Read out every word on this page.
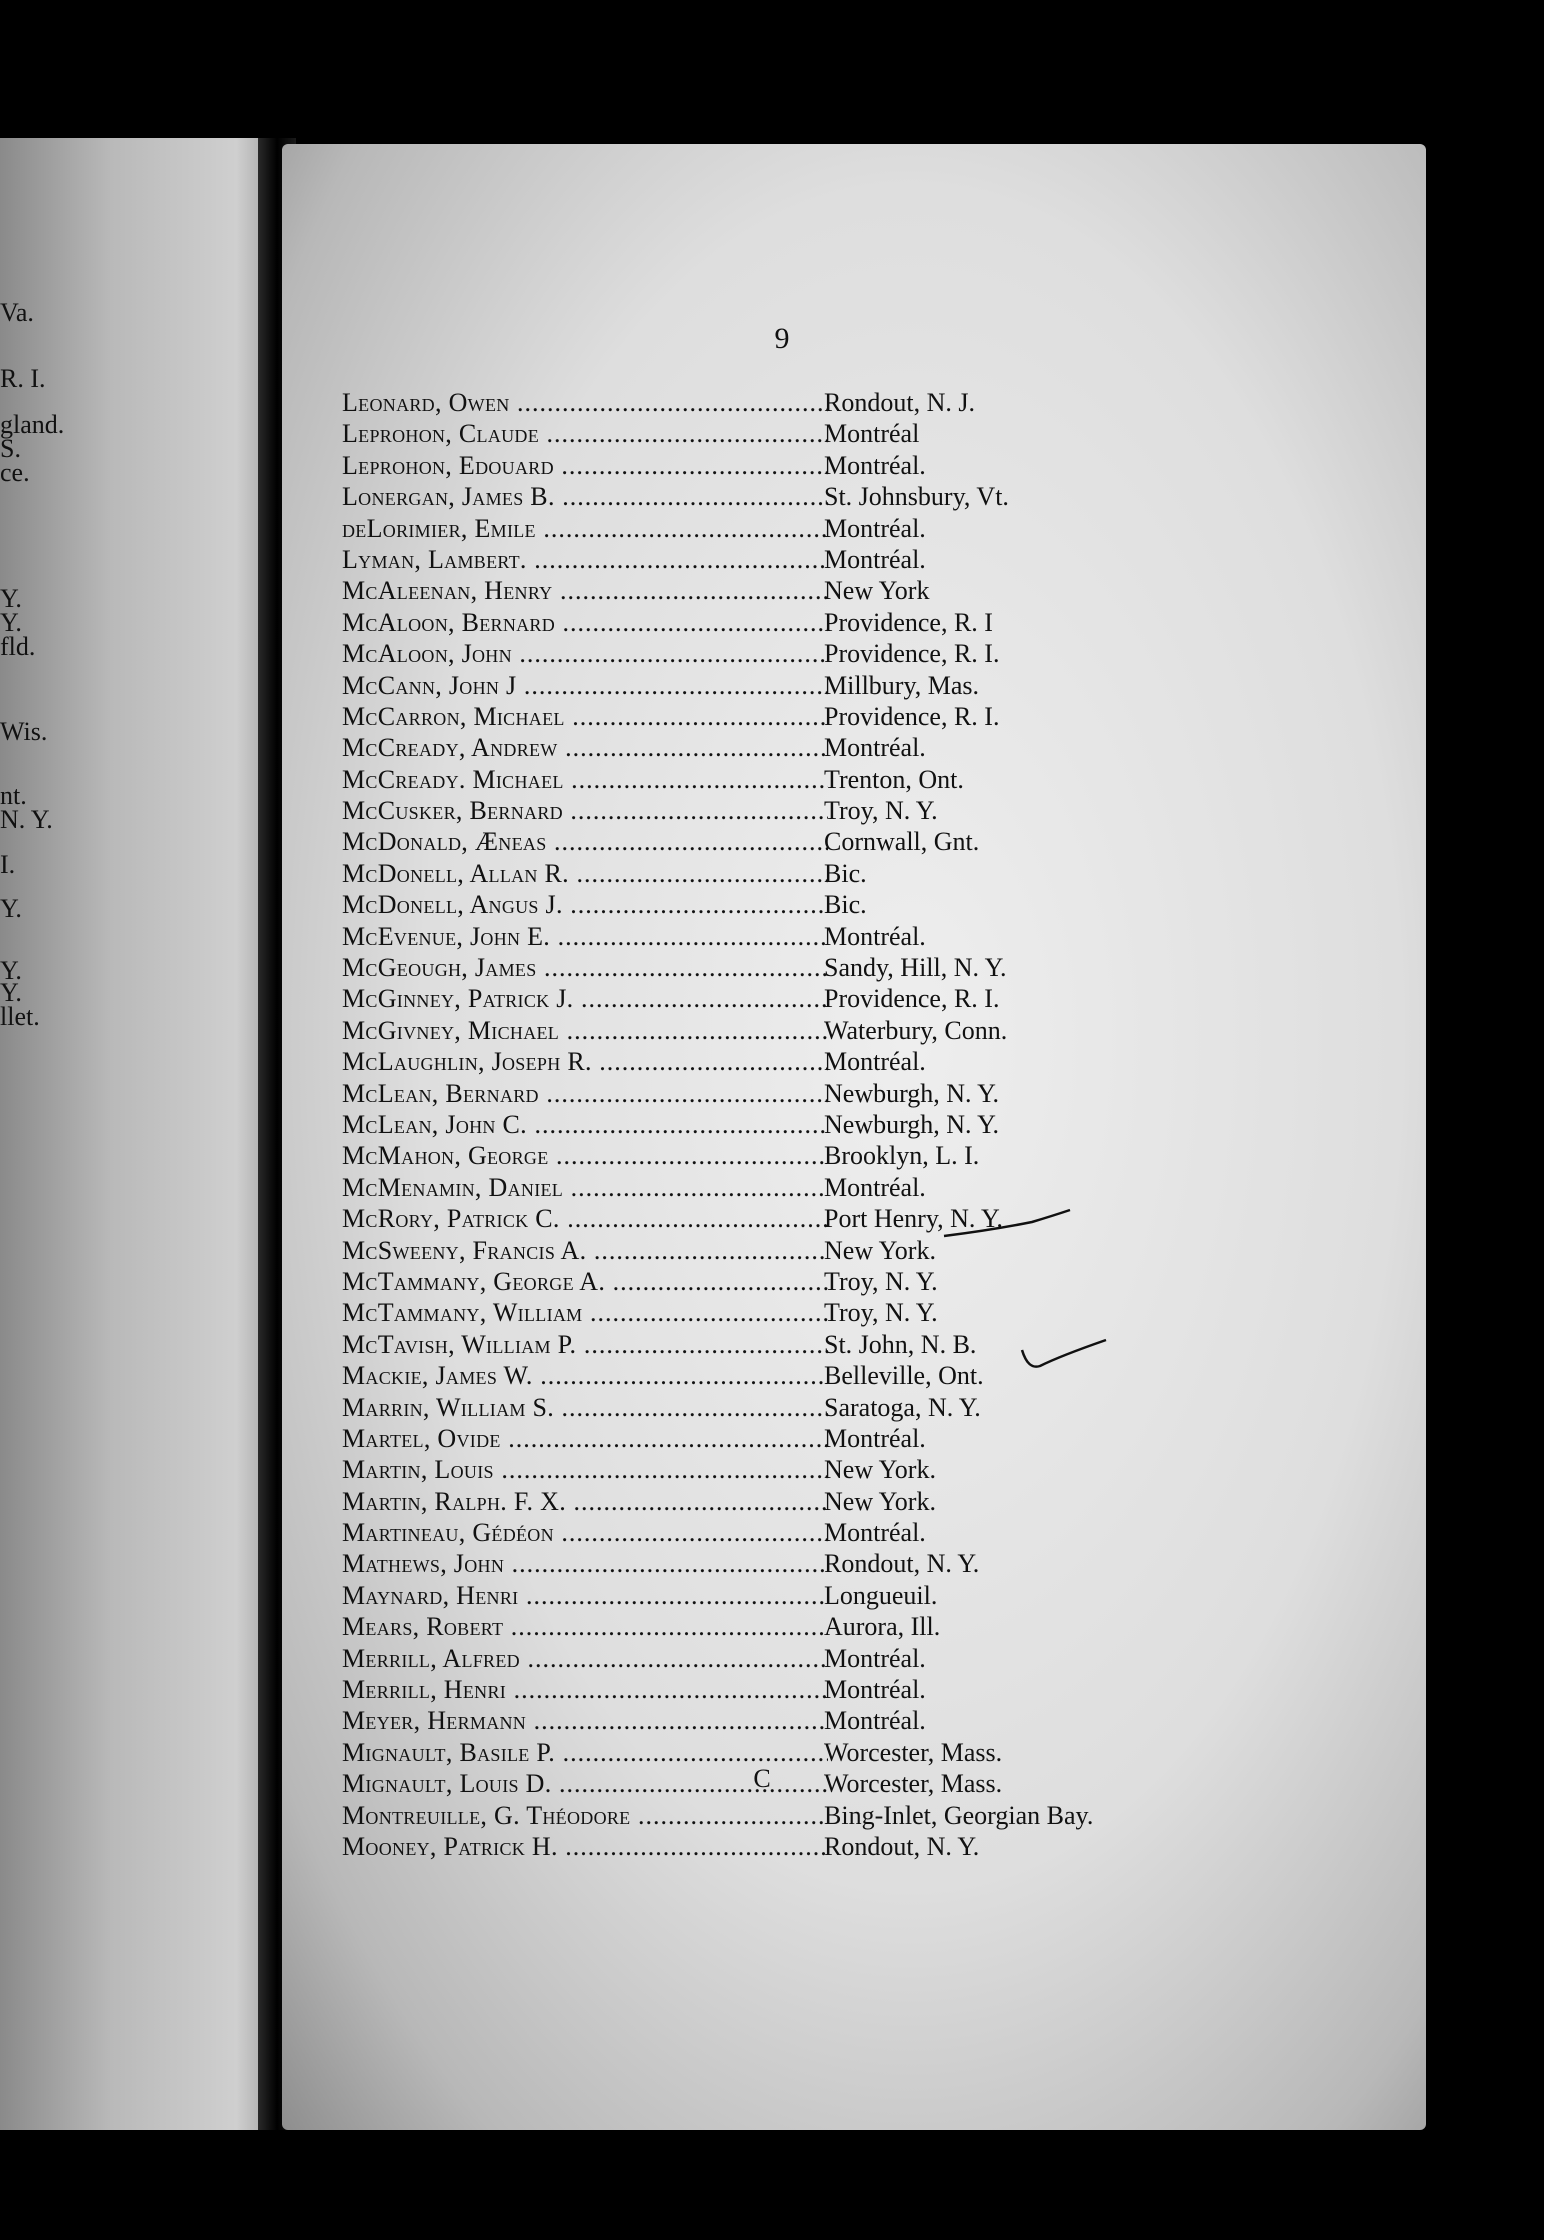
Va.
R. I.
gland.
S.
ce.
Y.
Y.
fld.
Wis.
nt.
N. Y.
I.
Y.
Y.
Y.
llet.
9
Leonard, Owen .....	Rondout, N. J.
Leprohon, Claude .....	Montréal
Leprohon, Edouard .....	Montréal.
Lonergan, James B. .....	St. Johnsbury, Vt.
deLorimier, Emile .....	Montréal.
Lyman, Lambert. .....	Montréal.
McAleenan, Henry .....	New York
McAloon, Bernard .....	Providence, R. I
McAloon, John .....	Providence, R. I.
McCann, John J .....	Millbury, Mas.
McCarron, Michael .....	Providence, R. I.
McCready, Andrew .....	Montréal.
McCready. Michael .....	Trenton, Ont.
McCusker, Bernard .....	Troy, N. Y.
McDonald, Æneas .....	Cornwall, Gnt.
McDonell, Allan R. .....	Bic.
McDonell, Angus J. .....	Bic.
McEvenue, John E. .....	Montréal.
McGeough, James .....	Sandy, Hill, N. Y.
McGinney, Patrick J. .....	Providence, R. I.
McGivney, Michael .....	Waterbury, Conn.
McLaughlin, Joseph R. .....	Montréal.
McLean, Bernard .....	Newburgh, N. Y.
McLean, John C. .....	Newburgh, N. Y.
McMahon, George .....	Brooklyn, L. I.
McMenamin, Daniel .....	Montréal.
McRory, Patrick C. .....	Port Henry, N. Y.
McSweeny, Francis A. .....	New York.
McTammany, George A. .....	Troy, N. Y.
McTammany, William .....	Troy, N. Y.
McTavish, William P. .....	St. John, N. B.
Mackie, James W. .....	Belleville, Ont.
Marrin, William S. .....	Saratoga, N. Y.
Martel, Ovide .....	Montréal.
Martin, Louis .....	New York.
Martin, Ralph. F. X. .....	New York.
Martineau, Gédéon .....	Montréal.
Mathews, John .....	Rondout, N. Y.
Maynard, Henri .....	Longueuil.
Mears, Robert .....	Aurora, Ill.
Merrill, Alfred .....	Montréal.
Merrill, Henri .....	Montréal.
Meyer, Hermann .....	Montréal.
Mignault, Basile P. .....	Worcester, Mass.
Mignault, Louis D. .....	Worcester, Mass.
Montreuille, G. Théodore .....	Bing-Inlet, Georgian Bay.
Mooney, Patrick H. .....	Rondout, N. Y.
C
